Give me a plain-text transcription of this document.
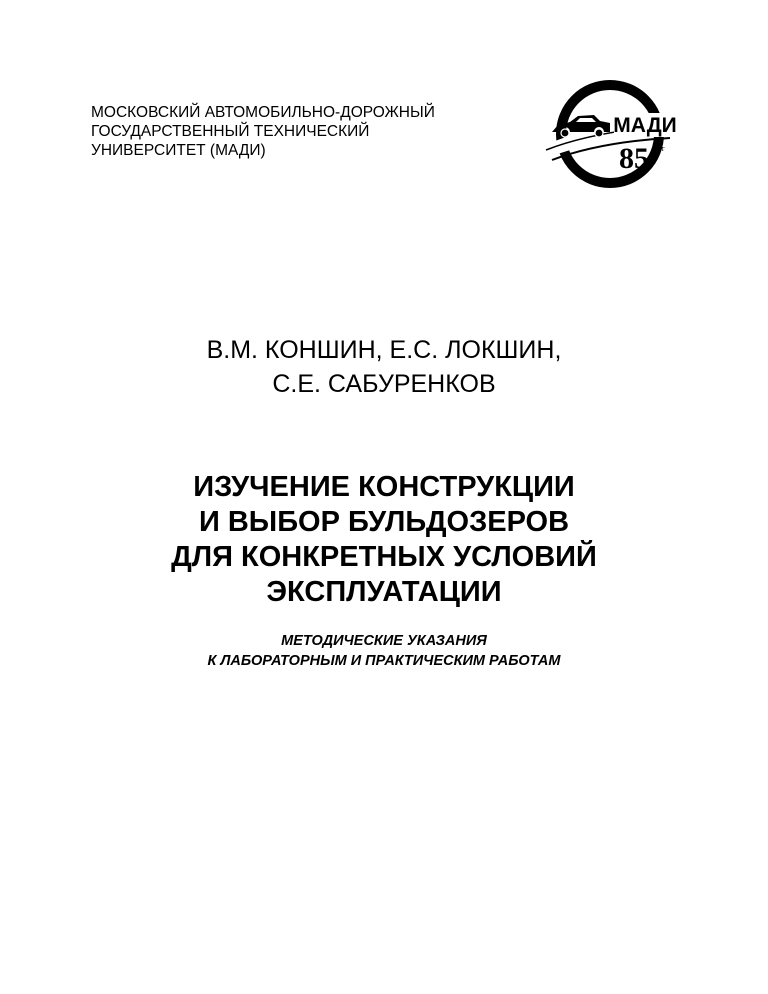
МОСКОВСКИЙ АВТОМОБИЛЬНО-ДОРОЖНЫЙ
ГОСУДАРСТВЕННЫЙ ТЕХНИЧЕСКИЙ
УНИВЕРСИТЕТ (МАДИ)
МАДИ
85 лет
В.М. КОНШИН, Е.С. ЛОКШИН,
С.Е. САБУРЕНКОВ
ИЗУЧЕНИЕ КОНСТРУКЦИИ
И ВЫБОР БУЛЬДОЗЕРОВ
ДЛЯ КОНКРЕТНЫХ УСЛОВИЙ
ЭКСПЛУАТАЦИИ
МЕТОДИЧЕСКИЕ УКАЗАНИЯ
К ЛАБОРАТОРНЫМ И ПРАКТИЧЕСКИМ РАБОТАМ
